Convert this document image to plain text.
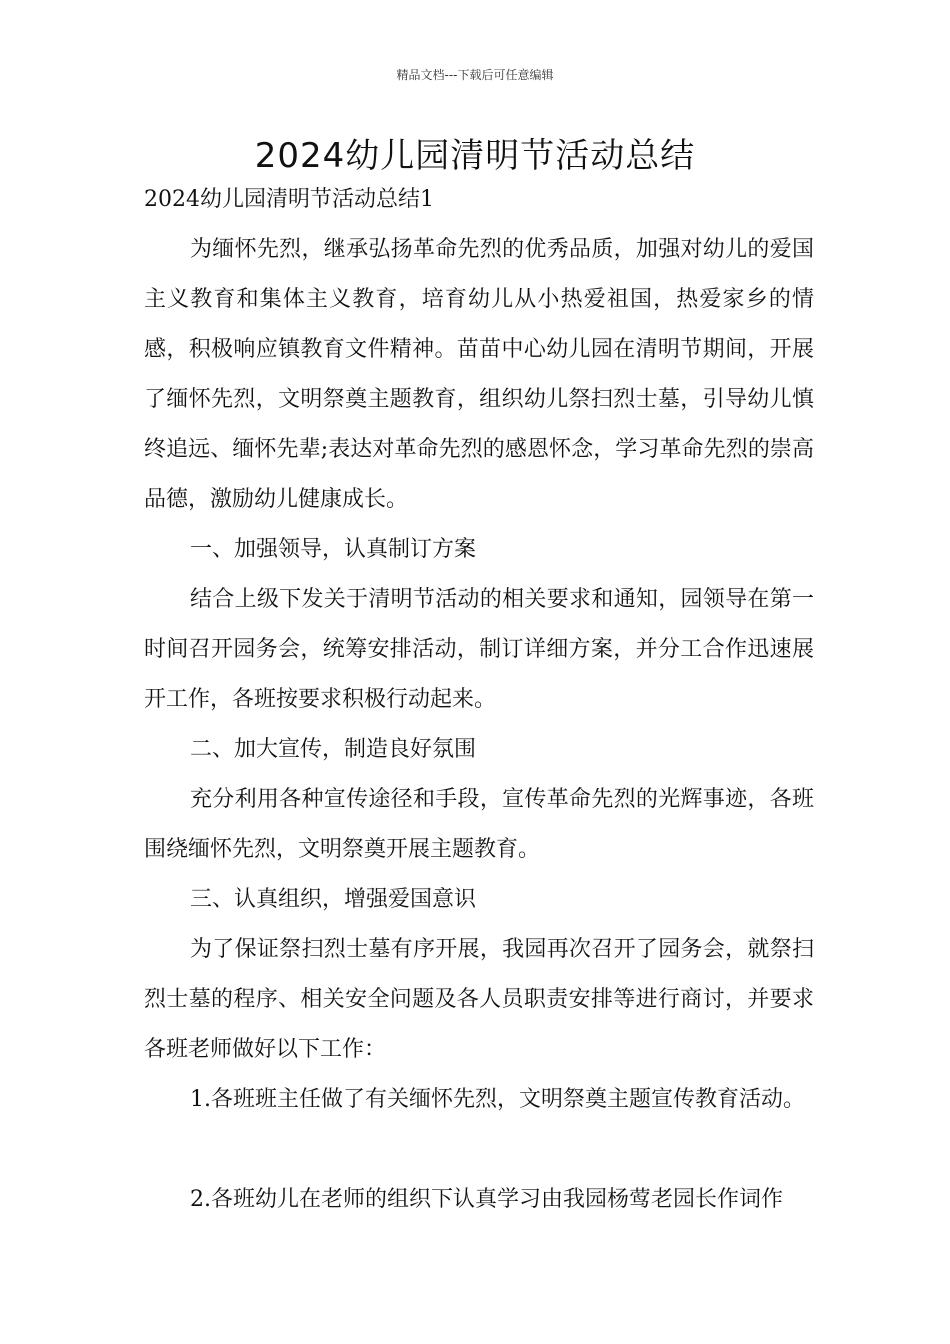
精品文档---下载后可任意编辑
2024幼儿园清明节活动总结

2024幼儿园清明节活动总结1

为缅怀先烈，继承弘扬革命先烈的优秀品质，加强对幼儿的爱国主义教育和集体主义教育，培育幼儿从小热爱祖国，热爱家乡的情感，积极响应镇教育文件精神。苗苗中心幼儿园在清明节期间，开展了缅怀先烈，文明祭奠主题教育，组织幼儿祭扫烈士墓，引导幼儿慎终追远、缅怀先辈;表达对革命先烈的感恩怀念，学习革命先烈的崇高品德，激励幼儿健康成长。

一、加强领导，认真制订方案

结合上级下发关于清明节活动的相关要求和通知，园领导在第一时间召开园务会，统筹安排活动，制订详细方案，并分工合作迅速展开工作，各班按要求积极行动起来。

二、加大宣传，制造良好氛围

充分利用各种宣传途径和手段，宣传革命先烈的光辉事迹，各班围绕缅怀先烈，文明祭奠开展主题教育。

三、认真组织，增强爱国意识

为了保证祭扫烈士墓有序开展，我园再次召开了园务会，就祭扫烈士墓的程序、相关安全问题及各人员职责安排等进行商讨，并要求各班老师做好以下工作：

1.各班班主任做了有关缅怀先烈，文明祭奠主题宣传教育活动。

2.各班幼儿在老师的组织下认真学习由我园杨莺老园长作词作
